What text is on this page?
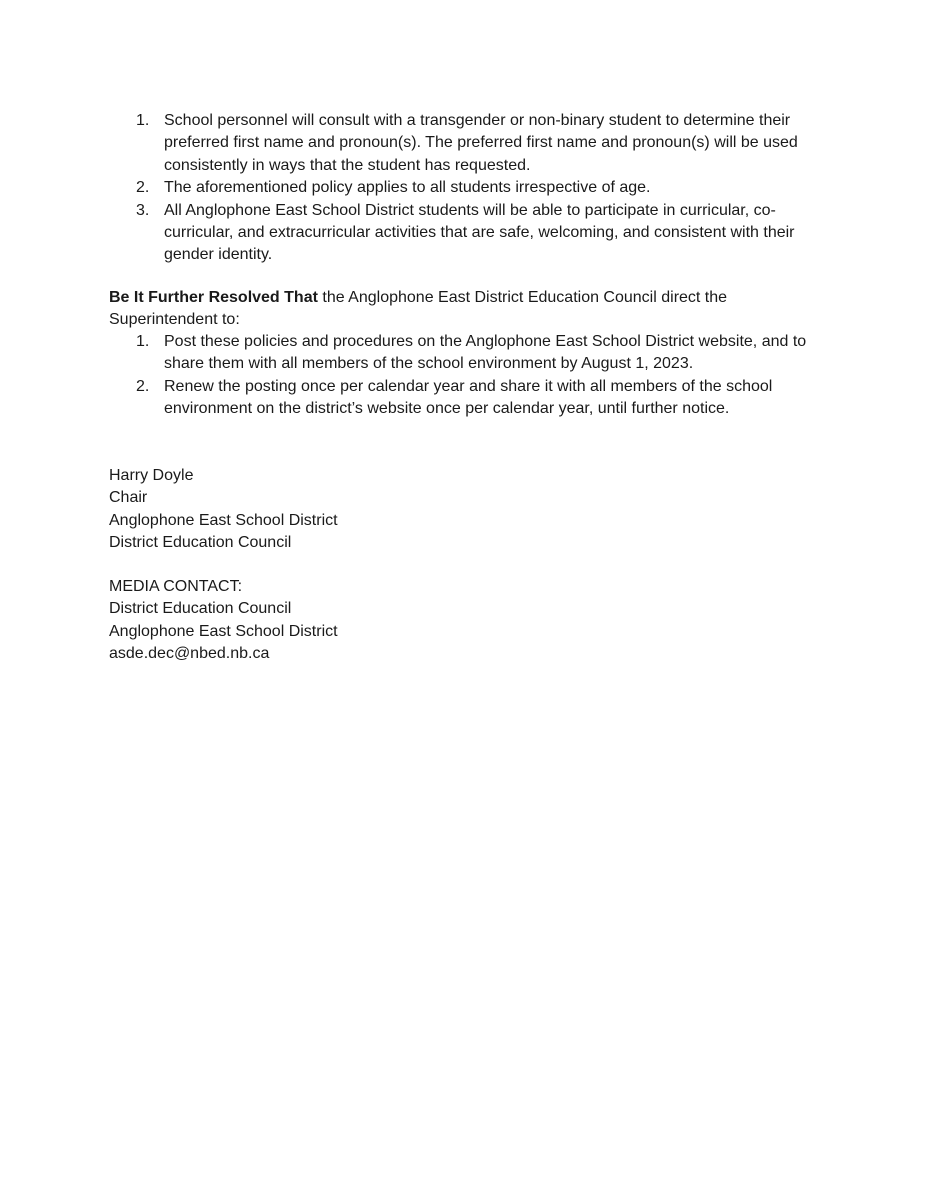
1. School personnel will consult with a transgender or non-binary student to determine their preferred first name and pronoun(s). The preferred first name and pronoun(s) will be used consistently in ways that the student has requested.
2. The aforementioned policy applies to all students irrespective of age.
3. All Anglophone East School District students will be able to participate in curricular, co-curricular, and extracurricular activities that are safe, welcoming, and consistent with their gender identity.

Be It Further Resolved That the Anglophone East District Education Council direct the Superintendent to:

1. Post these policies and procedures on the Anglophone East School District website, and to share them with all members of the school environment by August 1, 2023.
2. Renew the posting once per calendar year and share it with all members of the school environment on the district’s website once per calendar year, until further notice.
Harry Doyle
Chair
Anglophone East School District
District Education Council
MEDIA CONTACT:
District Education Council
Anglophone East School District
asde.dec@nbed.nb.ca
